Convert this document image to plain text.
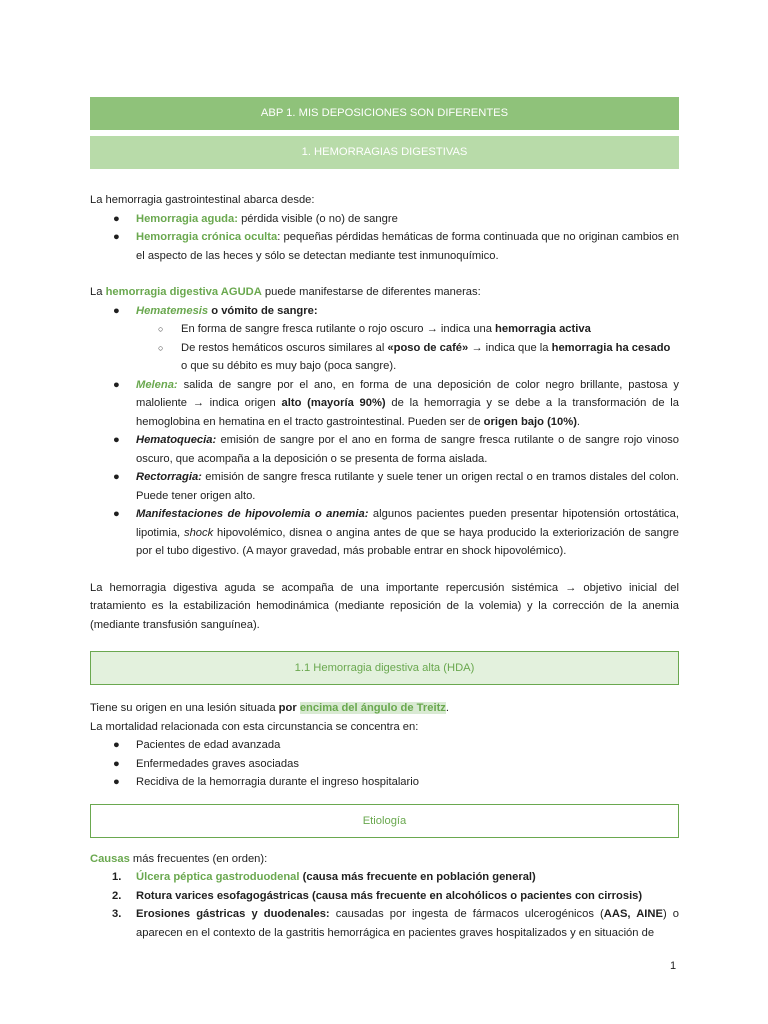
ABP 1. MIS DEPOSICIONES SON DIFERENTES
1. HEMORRAGIAS DIGESTIVAS

La hemorragia gastrointestinal abarca desde:

● Hemorragia aguda: pérdida visible (o no) de sangre
● Hemorragia crónica oculta: pequeñas pérdidas hemáticas de forma continuada que no originan cambios en el aspecto de las heces y sólo se detectan mediante test inmunoquímico.

La hemorragia digestiva AGUDA puede manifestarse de diferentes maneras:

● Hematemesis o vómito de sangre:
○ En forma de sangre fresca rutilante o rojo oscuro → indica una hemorragia activa
○ De restos hemáticos oscuros similares al «poso de café» → indica que la hemorragia ha cesado o que su débito es muy bajo (poca sangre).
● Melena: salida de sangre por el ano, en forma de una deposición de color negro brillante, pastosa y maloliente → indica origen alto (mayoría 90%) de la hemorragia y se debe a la transformación de la hemoglobina en hematina en el tracto gastrointestinal. Pueden ser de origen bajo (10%).
● Hematoquecia: emisión de sangre por el ano en forma de sangre fresca rutilante o de sangre rojo vinoso oscuro, que acompaña a la deposición o se presenta de forma aislada.
● Rectorragia: emisión de sangre fresca rutilante y suele tener un origen rectal o en tramos distales del colon. Puede tener origen alto.
● Manifestaciones de hipovolemia o anemia: algunos pacientes pueden presentar hipotensión ortostática, lipotimia, shock hipovolémico, disnea o angina antes de que se haya producido la exteriorización de sangre por el tubo digestivo. (A mayor gravedad, más probable entrar en shock hipovolémico).

La hemorragia digestiva aguda se acompaña de una importante repercusión sistémica → objetivo inicial del tratamiento es la estabilización hemodinámica (mediante reposición de la volemia) y la corrección de la anemia (mediante transfusión sanguínea).

1.1 Hemorragia digestiva alta (HDA)

Tiene su origen en una lesión situada por encima del ángulo de Treitz.

La mortalidad relacionada con esta circunstancia se concentra en:

● Pacientes de edad avanzada
● Enfermedades graves asociadas
● Recidiva de la hemorragia durante el ingreso hospitalario
Etiología

Causas más frecuentes (en orden):

1. Úlcera péptica gastroduodenal (causa más frecuente en población general)
2. Rotura varices esofagogástricas (causa más frecuente en alcohólicos o pacientes con cirrosis)
3. Erosiones gástricas y duodenales: causadas por ingesta de fármacos ulcerogénicos (AAS, AINE) o aparecen en el contexto de la gastritis hemorrágica en pacientes graves hospitalizados y en situación de
1
